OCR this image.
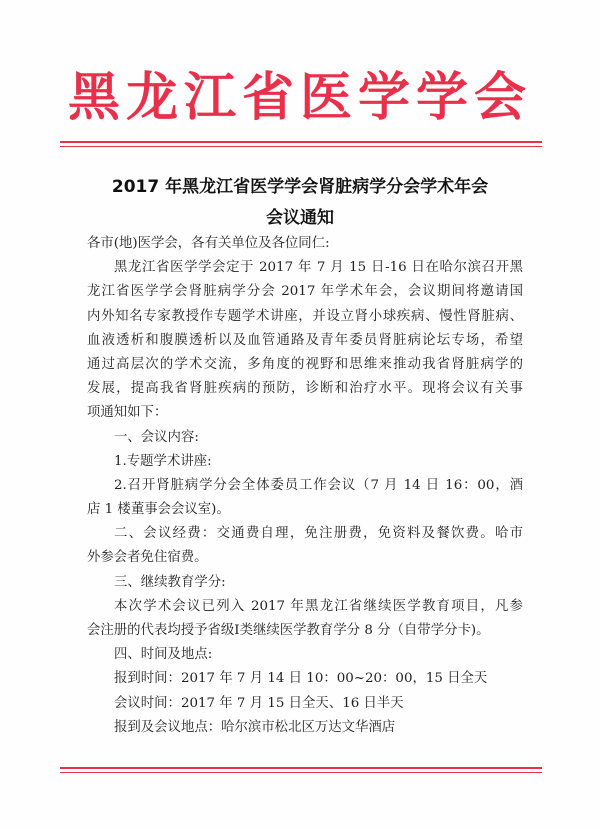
黑龙江省医学学会
2017 年黑龙江省医学学会肾脏病学分会学术年会
会议通知
各市(地)医学会，各有关单位及各位同仁:
黑龙江省医学学会定于 2017 年 7 月 15 日-16 日在哈尔滨召开黑
龙江省医学学会肾脏病学分会 2017 年学术年会，会议期间将邀请国
内外知名专家教授作专题学术讲座，并设立肾小球疾病、慢性肾脏病、
血液透析和腹膜透析以及血管通路及青年委员肾脏病论坛专场，希望
通过高层次的学术交流，多角度的视野和思维来推动我省肾脏病学的
发展，提高我省肾脏疾病的预防，诊断和治疗水平。现将会议有关事
项通知如下：
一、会议内容:
1.专题学术讲座:
2.召开肾脏病学分会全体委员工作会议（7 月 14 日 16：00，酒
店 1 楼董事会会议室)。
二、会议经费：交通费自理，免注册费，免资料及餐饮费。哈市
外参会者免住宿费。
三、继续教育学分:
本次学术会议已列入 2017 年黑龙江省继续医学教育项目，凡参
会注册的代表均授予省级Ⅰ类继续医学教育学分 8 分（自带学分卡)。
四、时间及地点:
报到时间：2017 年 7 月 14 日 10：00~20：00，15 日全天
会议时间：2017 年 7 月 15 日全天、16 日半天
报到及会议地点：哈尔滨市松北区万达文华酒店
